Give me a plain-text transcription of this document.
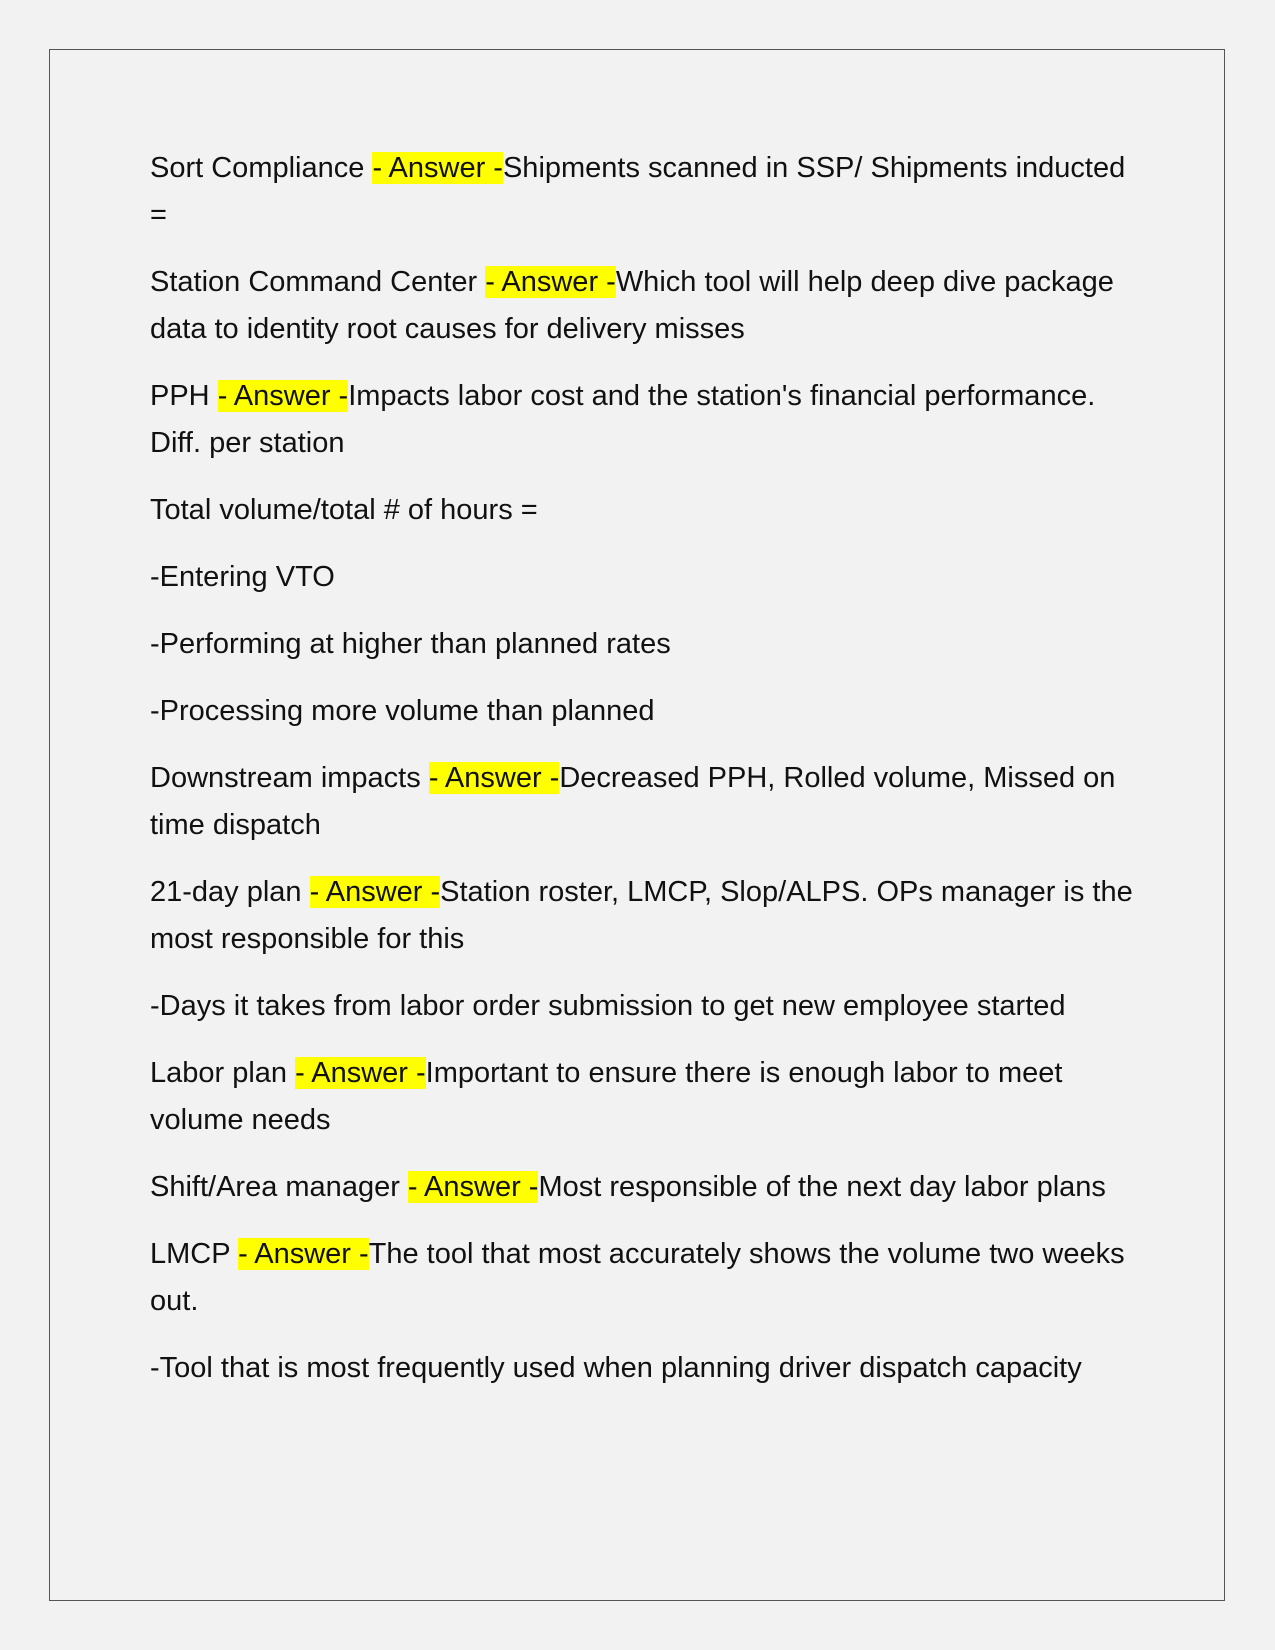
Sort Compliance - Answer -Shipments scanned in SSP/ Shipments inducted =

Station Command Center - Answer -Which tool will help deep dive package data to identity root causes for delivery misses

PPH - Answer -Impacts labor cost and the station's financial performance. Diff. per station

Total volume/total # of hours =

-Entering VTO

-Performing at higher than planned rates

-Processing more volume than planned

Downstream impacts - Answer -Decreased PPH, Rolled volume, Missed on time dispatch

21-day plan - Answer -Station roster, LMCP, Slop/ALPS. OPs manager is the most responsible for this

-Days it takes from labor order submission to get new employee started

Labor plan - Answer -Important to ensure there is enough labor to meet volume needs

Shift/Area manager - Answer -Most responsible of the next day labor plans

LMCP - Answer -The tool that most accurately shows the volume two weeks out.

-Tool that is most frequently used when planning driver dispatch capacity
